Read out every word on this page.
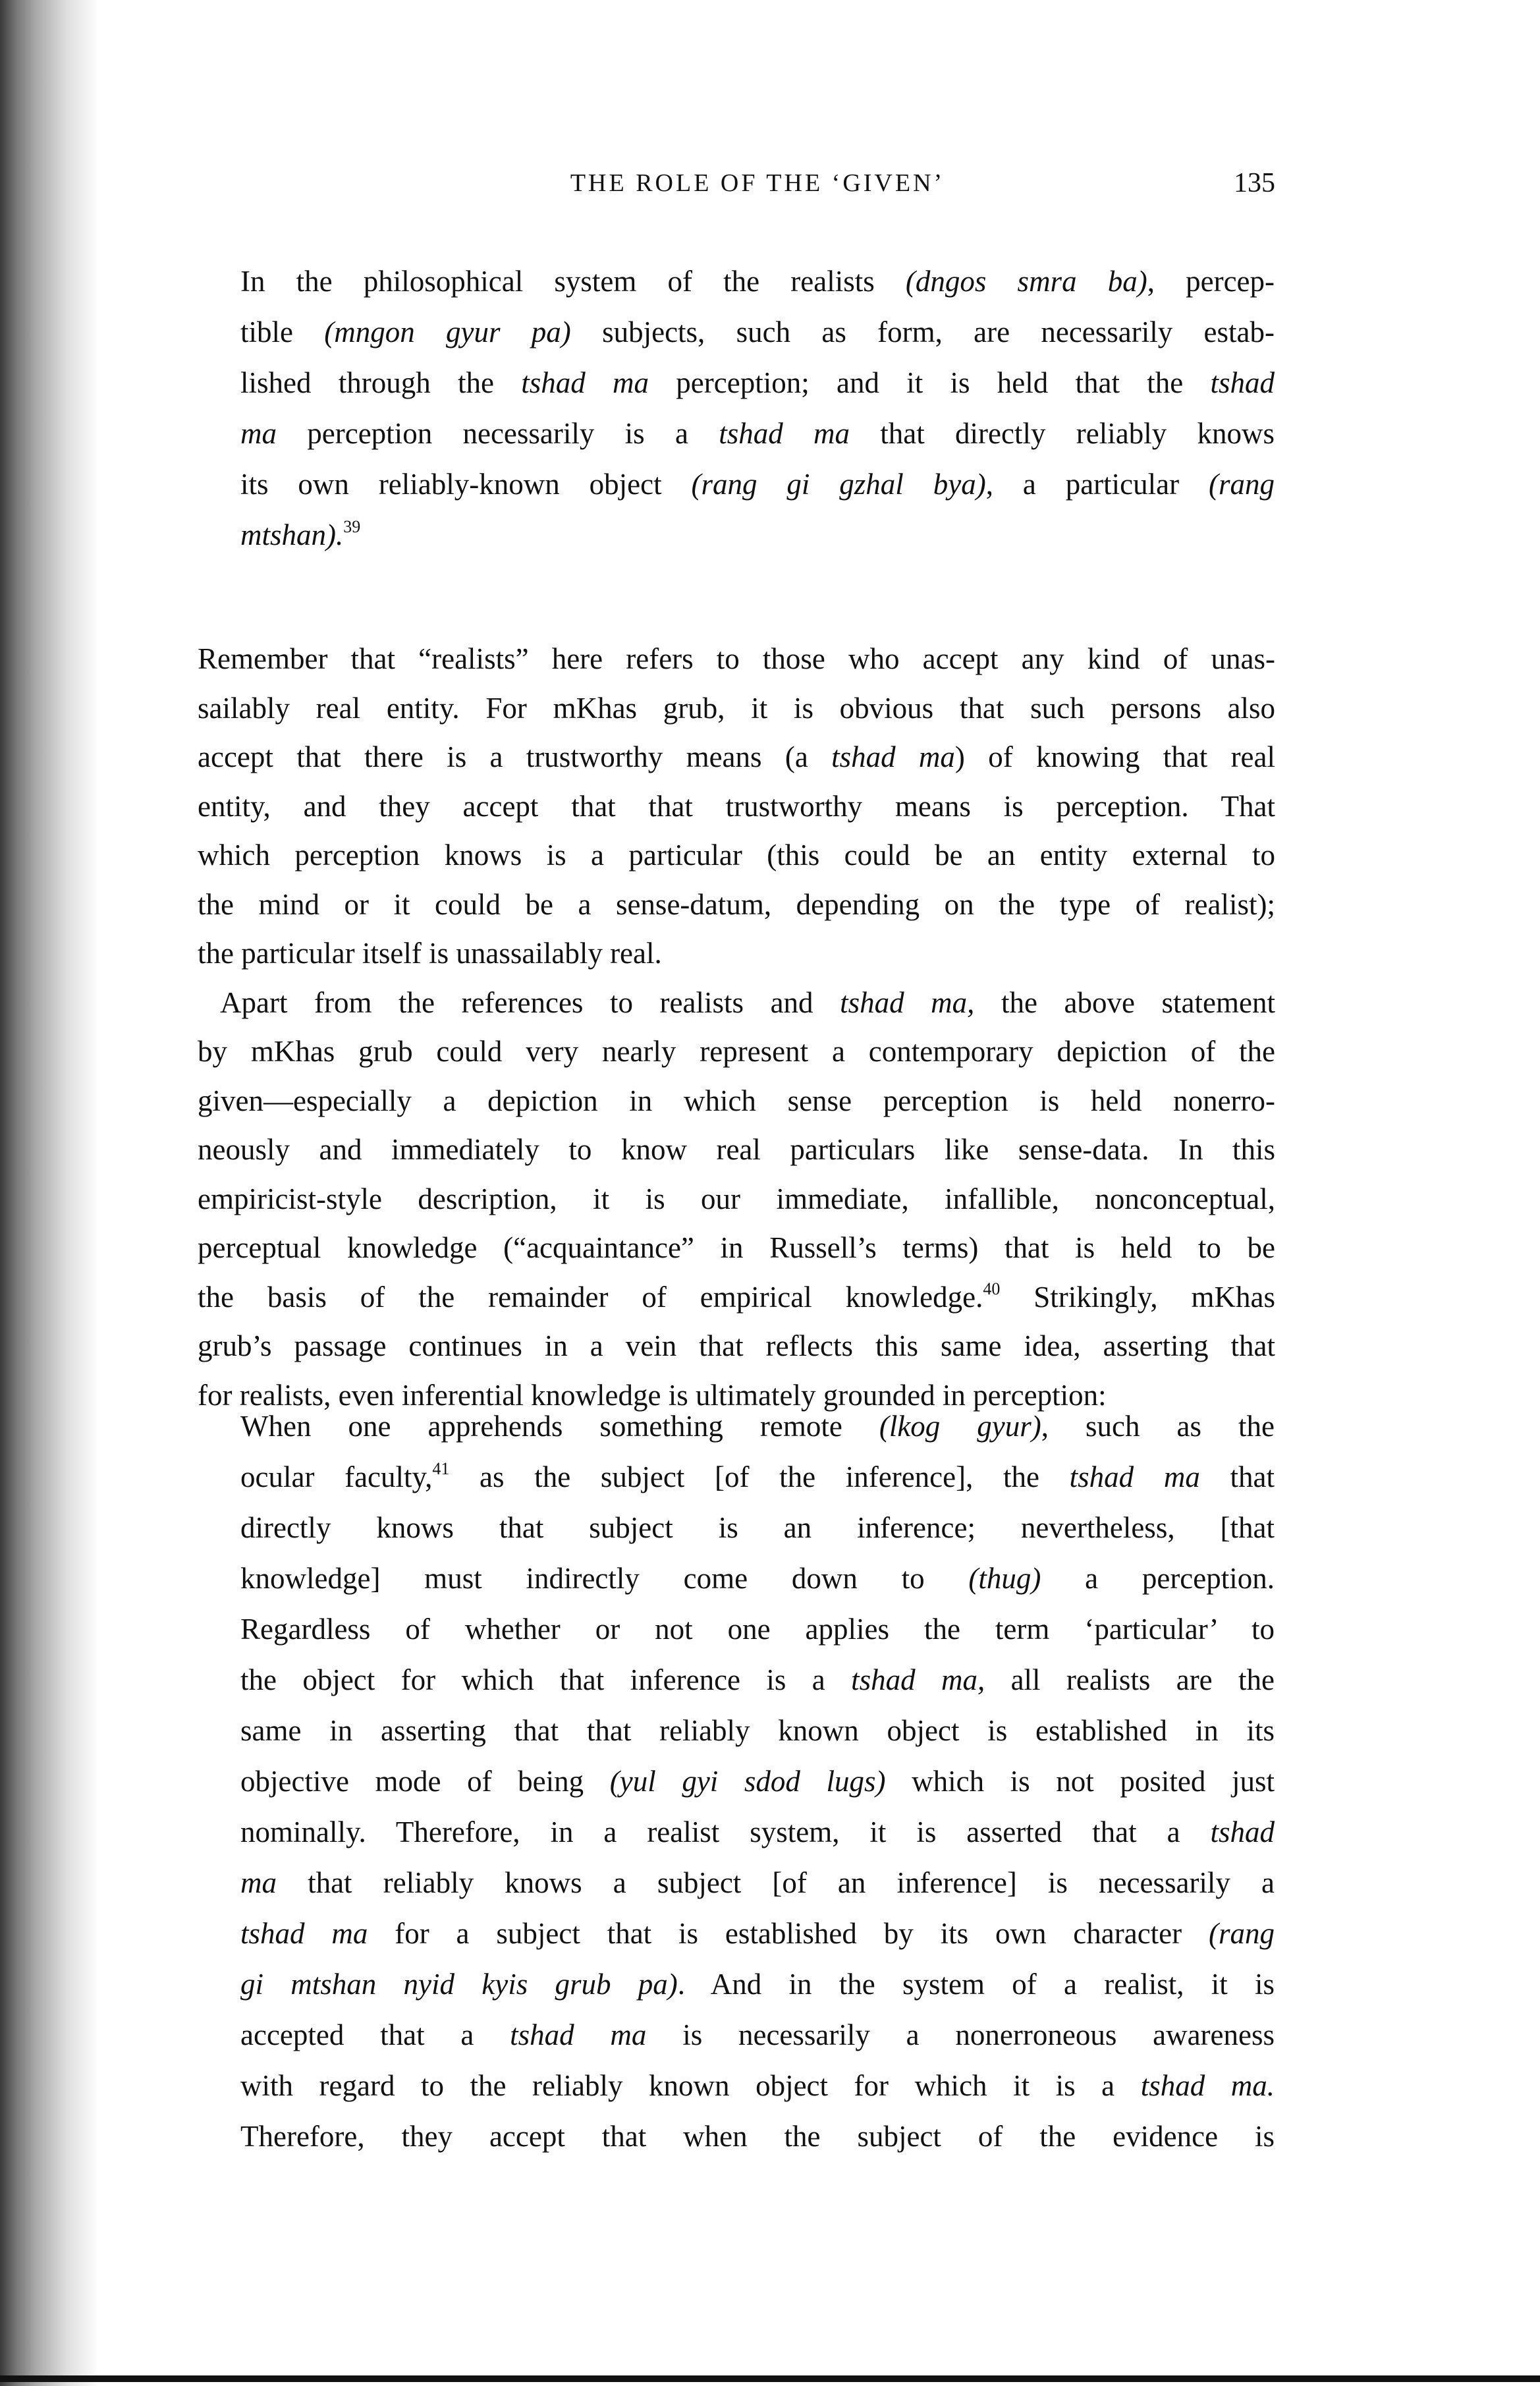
THE ROLE OF THE ‘GIVEN’	135
In the philosophical system of the realists (dngos smra ba), percep-
tible (mngon gyur pa) subjects, such as form, are necessarily estab-
lished through the tshad ma perception; and it is held that the tshad
ma perception necessarily is a tshad ma that directly reliably knows
its own reliably-known object (rang gi gzhal bya), a particular (rang
mtshan).$^{39}$
Remember that “realists” here refers to those who accept any kind of unas-
sailably real entity. For mKhas grub, it is obvious that such persons also
accept that there is a trustworthy means (a tshad ma) of knowing that real
entity, and they accept that that trustworthy means is perception. That
which perception knows is a particular (this could be an entity external to
the mind or it could be a sense-datum, depending on the type of realist);
the particular itself is unassailably real.
Apart from the references to realists and tshad ma, the above statement
by mKhas grub could very nearly represent a contemporary depiction of the
given—especially a depiction in which sense perception is held nonerro-
neously and immediately to know real particulars like sense-data. In this
empiricist-style description, it is our immediate, infallible, nonconceptual,
perceptual knowledge (“acquaintance” in Russell’s terms) that is held to be
the basis of the remainder of empirical knowledge.$^{40}$ Strikingly, mKhas
grub’s passage continues in a vein that reflects this same idea, asserting that
for realists, even inferential knowledge is ultimately grounded in perception:
When one apprehends something remote (lkog gyur), such as the
ocular faculty,$^{41}$ as the subject [of the inference], the tshad ma that
directly knows that subject is an inference; nevertheless, [that
knowledge] must indirectly come down to (thug) a perception.
Regardless of whether or not one applies the term ‘particular’ to
the object for which that inference is a tshad ma, all realists are the
same in asserting that that reliably known object is established in its
objective mode of being (yul gyi sdod lugs) which is not posited just
nominally. Therefore, in a realist system, it is asserted that a tshad
ma that reliably knows a subject [of an inference] is necessarily a
tshad ma for a subject that is established by its own character (rang
gi mtshan nyid kyis grub pa). And in the system of a realist, it is
accepted that a tshad ma is necessarily a nonerroneous awareness
with regard to the reliably known object for which it is a tshad ma.
Therefore, they accept that when the subject of the evidence is
